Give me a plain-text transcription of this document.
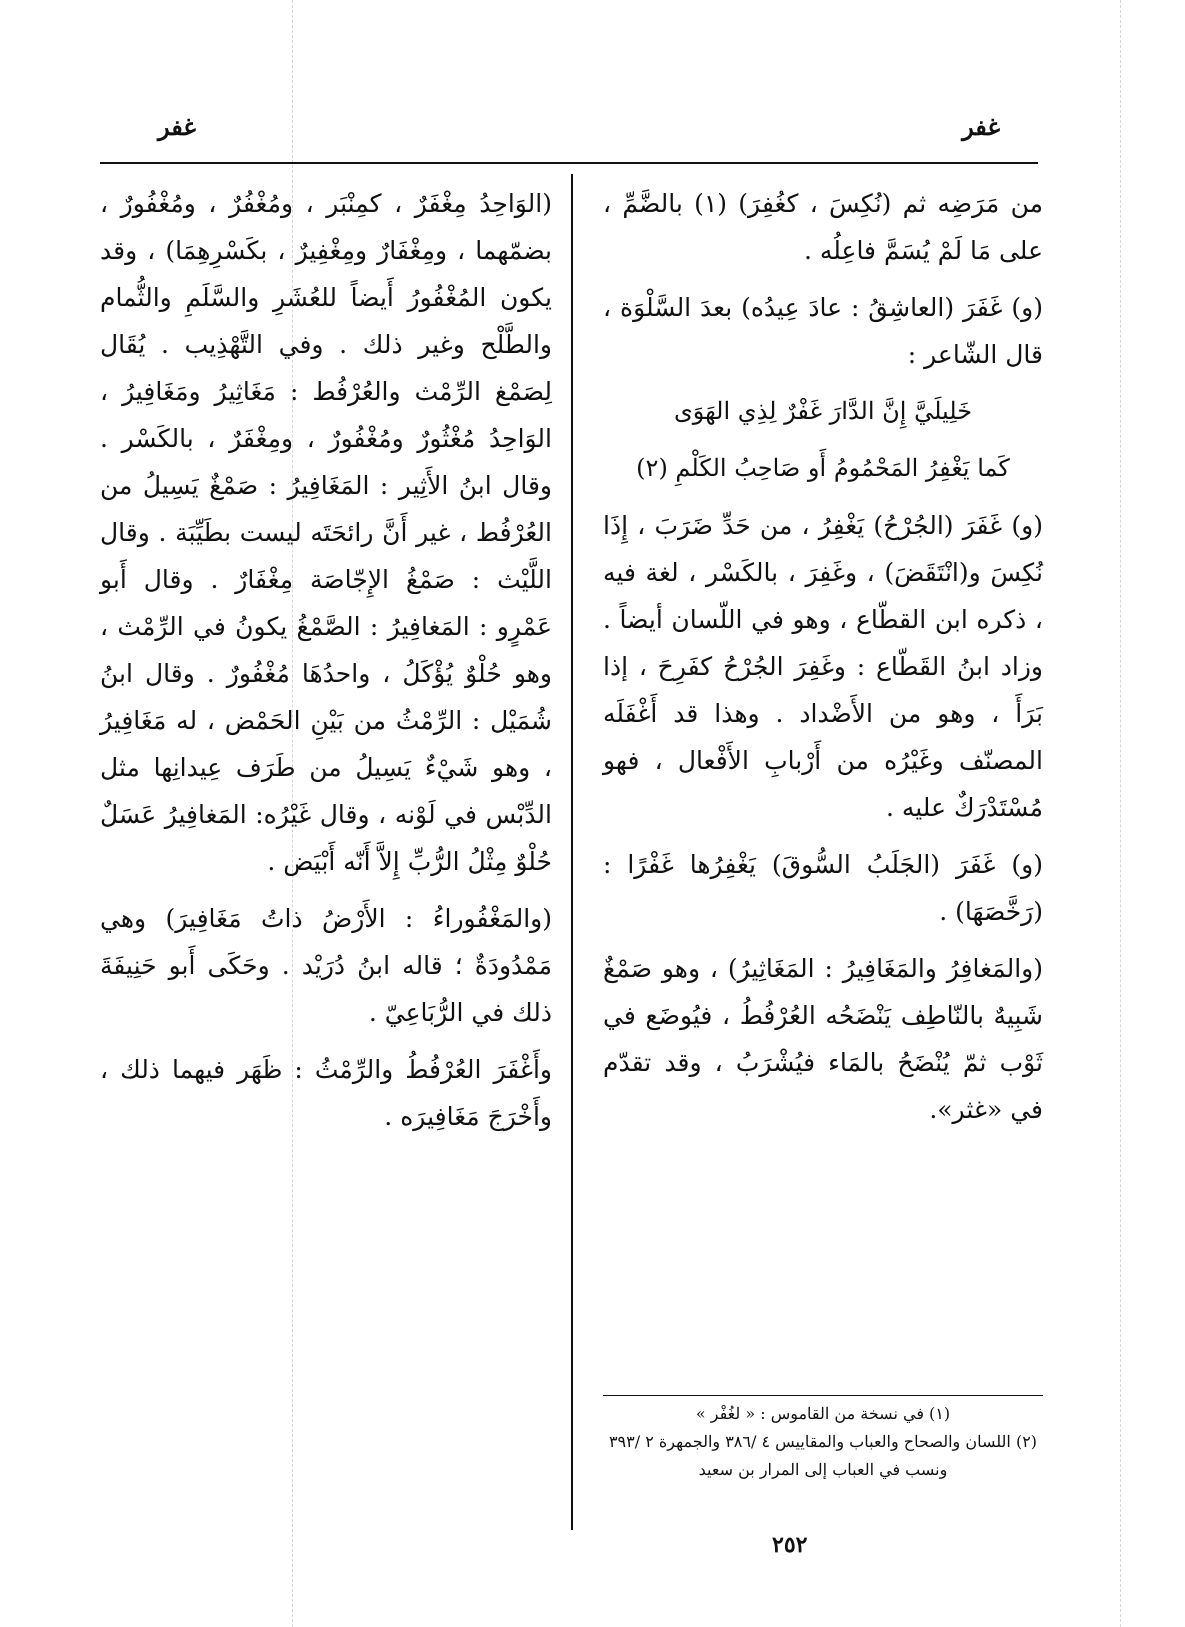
غفر
غفر

من مَرَضِه ثم (نُكِسَ ، كغُفِرَ) (١) بالضَّمِّ ، على مَا لَمْ يُسَمَّ فاعِلُه .

(و) غَفَرَ (العاشِقُ : عادَ عِيدُه) بعدَ السَّلْوَة ، قال الشّاعر :

خَلِيلَيَّ إِنَّ الدَّارَ غَفْرٌ لِذِي الهَوَى
كَما يَغْفِرُ المَحْمُومُ أَو صَاحِبُ الكَلْمِ (٢)

(و) غَفَرَ (الجُرْحُ) يَغْفِرُ ، من حَدِّ ضَرَبَ ، إِذَا نُكِسَ و(انْتَقَضَ) ، وغَفِرَ ، بالكَسْر ، لغة فيه ، ذكره ابن القطّاع ، وهو في اللّسان أيضاً . وزاد ابنُ القَطّاع : وغَفِرَ الجُرْحُ كفَرِحَ ، إذا بَرَأَ ، وهو من الأَضْداد . وهذا قد أَغْفَلَه المصنّف وغَيْرُه من أَرْبابِ الأَفْعال ، فهو مُسْتَدْرَكٌ عليه .

(و) غَفَرَ (الجَلَبُ السُّوقَ) يَغْفِرُها غَفْرًا : (رَخَّصَهَا) .

(والمَغافِرُ والمَغَافِيرُ : المَغَاثِيرُ) ، وهو صَمْغٌ شَبِيهٌ بالنّاطِف يَنْضَحُه العُرْفُطُ ، فيُوضَع في ثَوْب ثمّ يُنْضَحُ بالمَاء فيُشْرَبُ ، وقد تقدّم في «غثر».

(١) في نسخة من القاموس : « لغُفْر »
(٢) اللسان والصحاح والعباب والمقاييس ٤ /٣٨٦ والجمهرة ٢ /٣٩٣ ونسب في العباب إلى المرار بن سعيد

(الوَاحِدُ مِغْفَرٌ ، كمِنْبَر ، ومُغْفُرٌ ، ومُغْفُورٌ ، بضمّهما ، ومِغْفَارٌ ومِغْفِيرٌ ، بكَسْرِهِمَا) ، وقد يكون المُغْفُورُ أَيضاً للعُشَرِ والسَّلَمِ والثُّمام والطَّلْح وغير ذلك . وفي التَّهْذِيب . يُقَال لِصَمْغ الرِّمْث والعُرْفُط : مَغَاثِيرُ ومَغَافِيرُ ، الوَاحِدُ مُغْثُورٌ ومُغْفُورٌ ، ومِغْفَرٌ ، بالكَسْر . وقال ابنُ الأَثِير : المَغَافِيرُ : صَمْغٌ يَسِيلُ من العُرْفُط ، غير أَنَّ رائحَتَه ليست بطَيِّبَة . وقال اللَّيْث : صَمْغُ الإِجّاصَة مِغْفَارٌ . وقال أَبو عَمْرٍو : المَغافِيرُ : الصَّمْغُ يكونُ في الرِّمْث ، وهو حُلْوٌ يُؤْكَلُ ، واحدُهَا مُغْفُورٌ . وقال ابنُ شُمَيْل : الرِّمْثُ من بَيْنِ الحَمْض ، له مَغَافِيرُ ، وهو شَيْءٌ يَسِيلُ من طَرَف عِيدانِها مثل الدِّبْس في لَوْنه ، وقال غَيْرُه: المَغافِيرُ عَسَلٌ حُلْوٌ مِثْلُ الرُّبِّ إِلاَّ أَنّه أَبْيَض .

(والمَغْفُوراءُ : الأَرْضُ ذاتُ مَغَافِيرَ) وهي مَمْدُودَةٌ ؛ قاله ابنُ دُرَيْد . وحَكَى أَبو حَنِيفَةَ ذلك في الرُّبَاعِيّ .

وأَغْفَرَ العُرْفُطُ والرِّمْثُ : ظَهَر فيهما ذلك ، وأَخْرَجَ مَغَافِيرَه .

٢٥٢
